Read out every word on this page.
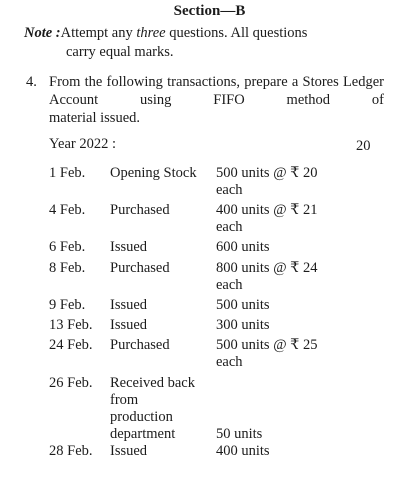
Section—B
Note :Attempt any three questions. All questions
carry equal marks.
4. From the following transactions, prepare a Stores Ledger Account using FIFO method of
material issued.
Year 2022 :	20
1 Feb. Opening Stock	500 units @ ₹ 20
each
4 Feb. Purchased	400 units @ ₹ 21
each
6 Feb. Issued	600 units
8 Feb. Purchased	800 units @ ₹ 24
each
9 Feb. Issued	500 units
13 Feb. Issued	300 units
24 Feb. Purchased	500 units @ ₹ 25
each
26 Feb. Received back
from
production
department	50 units
28 Feb. Issued	400 units
